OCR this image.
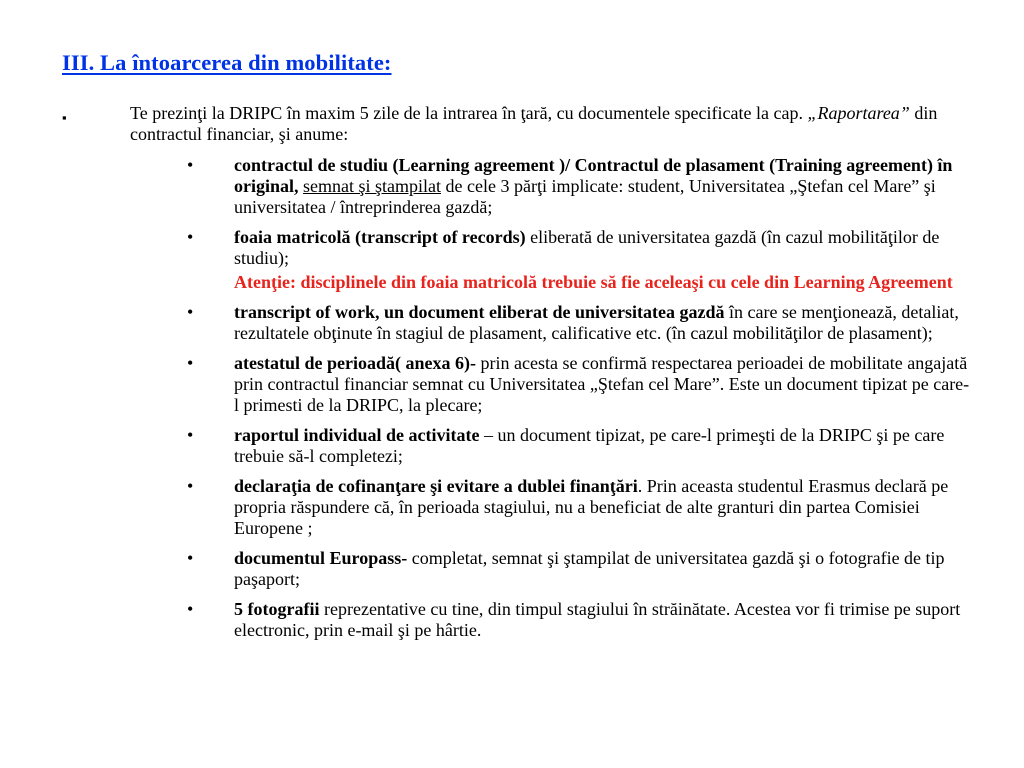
III. La întoarcerea din mobilitate:
▪	Te prezinţi la DRIPC în maxim 5 zile de la intrarea în ţară, cu documentele specificate la cap. „Raportarea” din contractul financiar, şi anume:
• contractul de studiu (Learning agreement )/ Contractul de plasament (Training agreement) în original, semnat şi ştampilat de cele 3 părţi implicate: student, Universitatea „Ştefan cel Mare” şi universitatea / întreprinderea gazdă;
• foaia matricolă (transcript of records) eliberată de universitatea gazdă (în cazul mobilităţilor de studiu);
Atenţie: disciplinele din foaia matricolă trebuie să fie aceleaşi cu cele din Learning Agreement
• transcript of work, un document eliberat de universitatea gazdă în care se menţionează, detaliat, rezultatele obţinute în stagiul de plasament, calificative etc. (în cazul mobilităţilor de plasament);
• atestatul de perioadă( anexa 6)- prin acesta se confirmă respectarea perioadei de mobilitate angajată prin contractul financiar semnat cu Universitatea „Ştefan cel Mare”. Este un document tipizat pe care-l primesti de la DRIPC, la plecare;
• raportul individual de activitate – un document tipizat, pe care-l primeşti de la DRIPC şi pe care trebuie să-l completezi;
• declaraţia de cofinanţare şi evitare a dublei finanţări. Prin aceasta studentul Erasmus declară pe propria răspundere că, în perioada stagiului, nu a beneficiat de alte granturi din partea Comisiei Europene ;
• documentul Europass- completat, semnat şi ştampilat de universitatea gazdă şi o fotografie de tip paşaport;
• 5 fotografii reprezentative cu tine, din timpul stagiului în străinătate. Acestea vor fi trimise pe suport electronic, prin e-mail şi pe hârtie.
